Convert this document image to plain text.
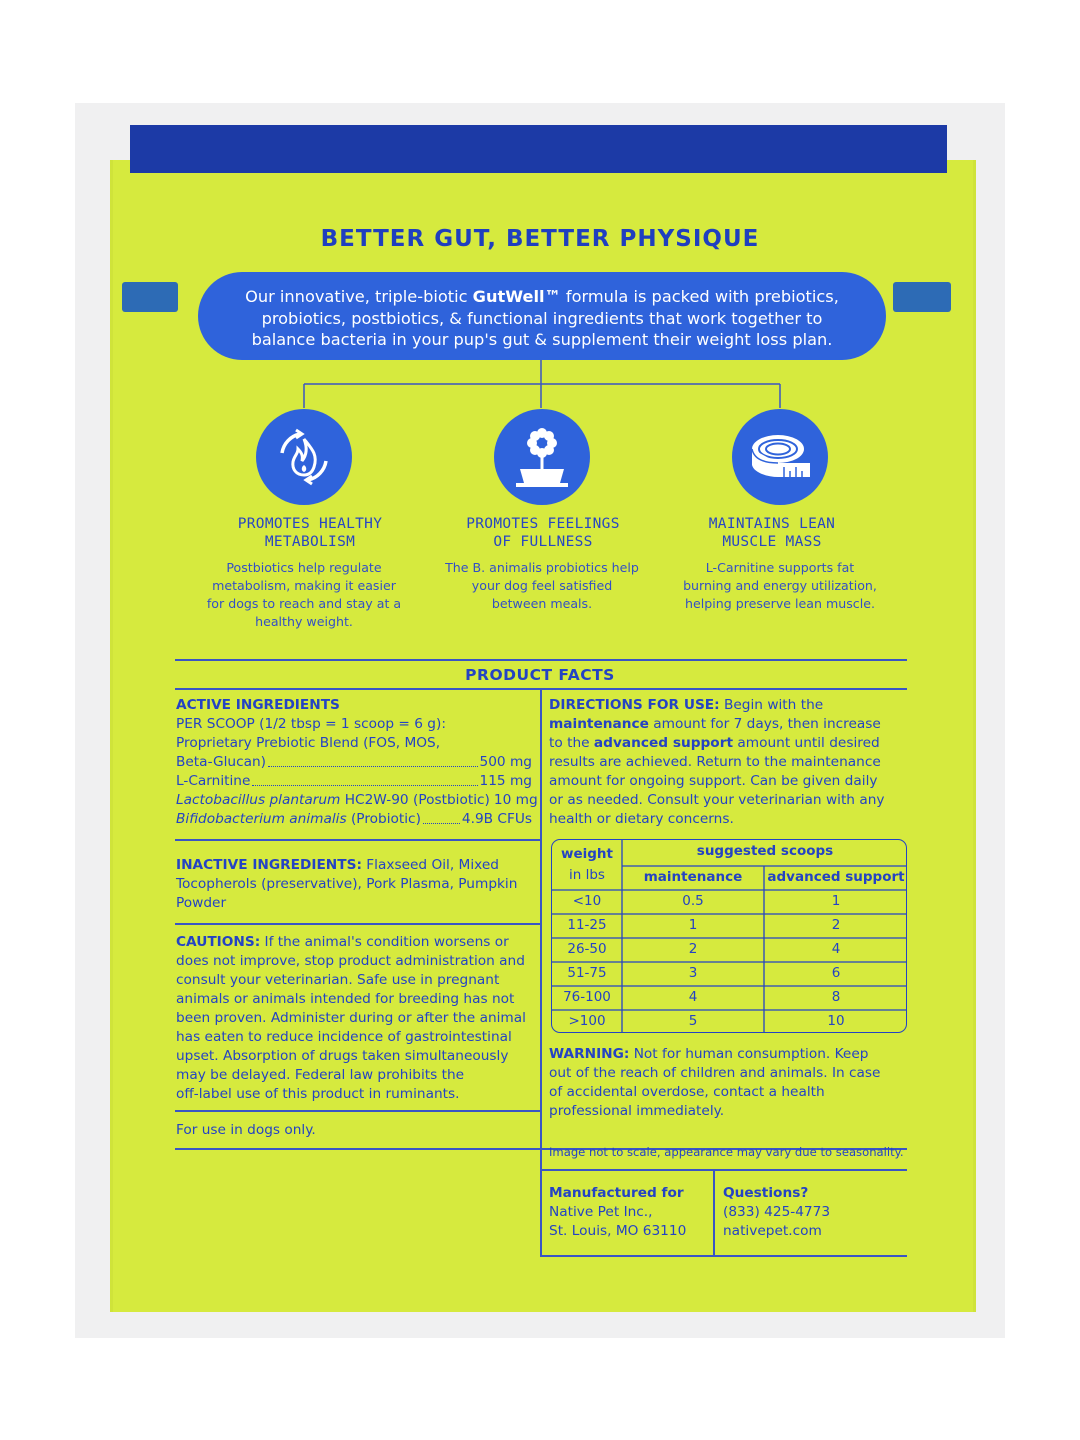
BETTER GUT, BETTER PHYSIQUE
Our innovative, triple-biotic GutWell™ formula is packed with prebiotics,
probiotics, postbiotics, & functional ingredients that work together to
balance bacteria in your pup's gut & supplement their weight loss plan.
PROMOTES HEALTHY
METABOLISM
Postbiotics help regulate
metabolism, making it easier
for dogs to reach and stay at a
healthy weight.
PROMOTES FEELINGS
OF FULLNESS
The B. animalis probiotics help
your dog feel satisfied
between meals.
MAINTAINS LEAN
MUSCLE MASS
L-Carnitine supports fat
burning and energy utilization,
helping preserve lean muscle.
PRODUCT FACTS
ACTIVE INGREDIENTS
PER SCOOP (1/2 tbsp = 1 scoop = 6 g):
Proprietary Prebiotic Blend (FOS, MOS,
Beta-Glucan)	500 mg
L-Carnitine	115 mg
Lactobacillus plantarum
HC2W-90 (Postbiotic) 10 mg
Bifidobacterium animalis
(Probiotic)	4.9B CFUs
INACTIVE INGREDIENTS: Flaxseed Oil, Mixed
Tocopherols (preservative), Pork Plasma, Pumpkin
Powder
CAUTIONS: If the animal's condition worsens or
does not improve, stop product administration and
consult your veterinarian. Safe use in pregnant
animals or animals intended for breeding has not
been proven. Administer during or after the animal
has eaten to reduce incidence of gastrointestinal
upset. Absorption of drugs taken simultaneously
may be delayed. Federal law prohibits the
off-label use of this product in ruminants.
For use in dogs only.
DIRECTIONS FOR USE: Begin with the
maintenance amount for 7 days, then increase
to the advanced support amount until desired
results are achieved. Return to the maintenance
amount for ongoing support. Can be given daily
or as needed. Consult your veterinarian with any
health or dietary concerns.
weight
in lbs
suggested scoops
maintenance	advanced support
<10	0.5	1
11-25	1	2
26-50	2	4
51-75	3	6
76-100	4	8
>100	5	10
WARNING: Not for human consumption. Keep
out of the reach of children and animals. In case
of accidental overdose, contact a health
professional immediately.
Image not to scale, appearance may vary due to seasonality.
Manufactured for
Native Pet Inc.,
St. Louis, MO 63110
Questions?
(833) 425-4773
nativepet.com
